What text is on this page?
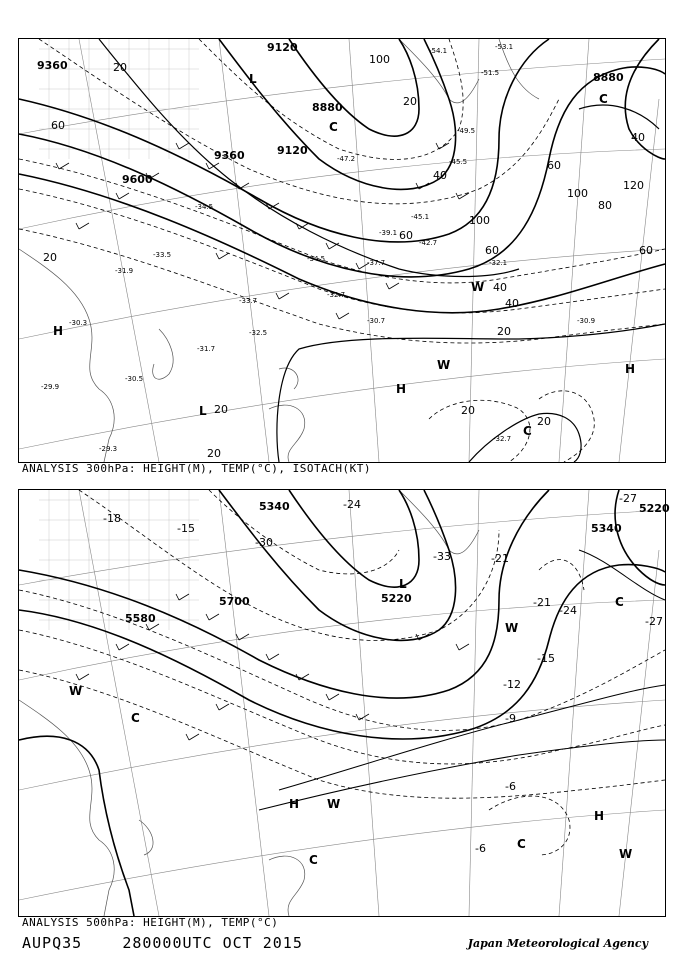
9120
9360
8880
9120
9360
9600
8880
60
20
100
20
40
60
100
120
80
40
60
100
60
40
20
20
20
20
20
40
60
20
-54.1	-53.1
-51.5
-49.5
-45.5
-47.2
-45.1
-42.7
-39.1
-37.7
-34.5
-32.7
-33.7
-32.5
-31.7
-30.5
-30.7
-30.3
-29.9
-29.3
-30.9
-32.7
-32.1
-31.9
-33.5
-34.5
H
H
H
L
L
W
W
C
C
C
ANALYSIS 300hPa: HEIGHT(M), TEMP(°C), ISOTACH(KT)
5340	5220
5700
5340
5220
5580
-18
-15
-30
-24
-33	-21
-24
-27
-21
-15
-12
-9
-6
-6
-27
H
H
L
W
W
W
W
C
C
C
C
ANALYSIS 500hPa: HEIGHT(M), TEMP(°C)
AUPQ35	280000UTC OCT 2015	Japan Meteorological Agency
